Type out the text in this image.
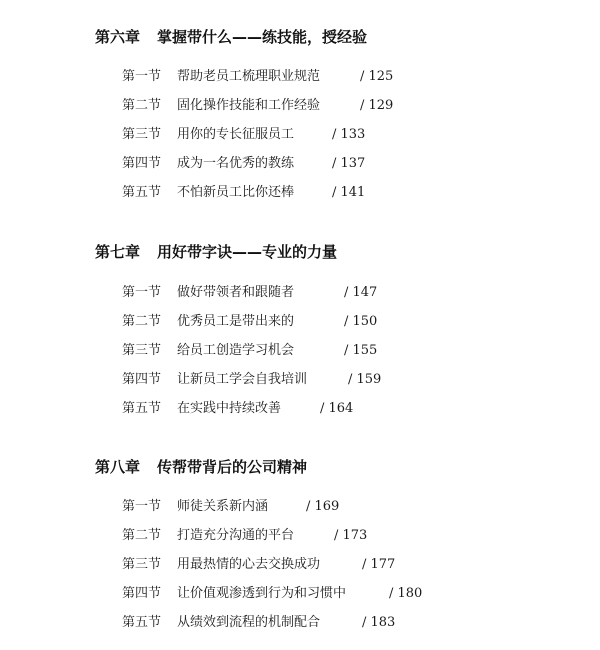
第六章 掌握带什么——练技能，授经验
第一节 帮助老员工梳理职业规范	/ 125
第二节 固化操作技能和工作经验	/ 129
第三节 用你的专长征服员工	/ 133
第四节 成为一名优秀的教练	/ 137
第五节 不怕新员工比你还棒	/ 141
第七章 用好带字诀——专业的力量
第一节 做好带领者和跟随者	/ 147
第二节 优秀员工是带出来的	/ 150
第三节 给员工创造学习机会	/ 155
第四节 让新员工学会自我培训	/ 159
第五节 在实践中持续改善	/ 164
第八章 传帮带背后的公司精神
第一节 师徒关系新内涵	/ 169
第二节 打造充分沟通的平台	/ 173
第三节 用最热情的心去交换成功	/ 177
第四节 让价值观渗透到行为和习惯中	/ 180
第五节 从绩效到流程的机制配合	/ 183
